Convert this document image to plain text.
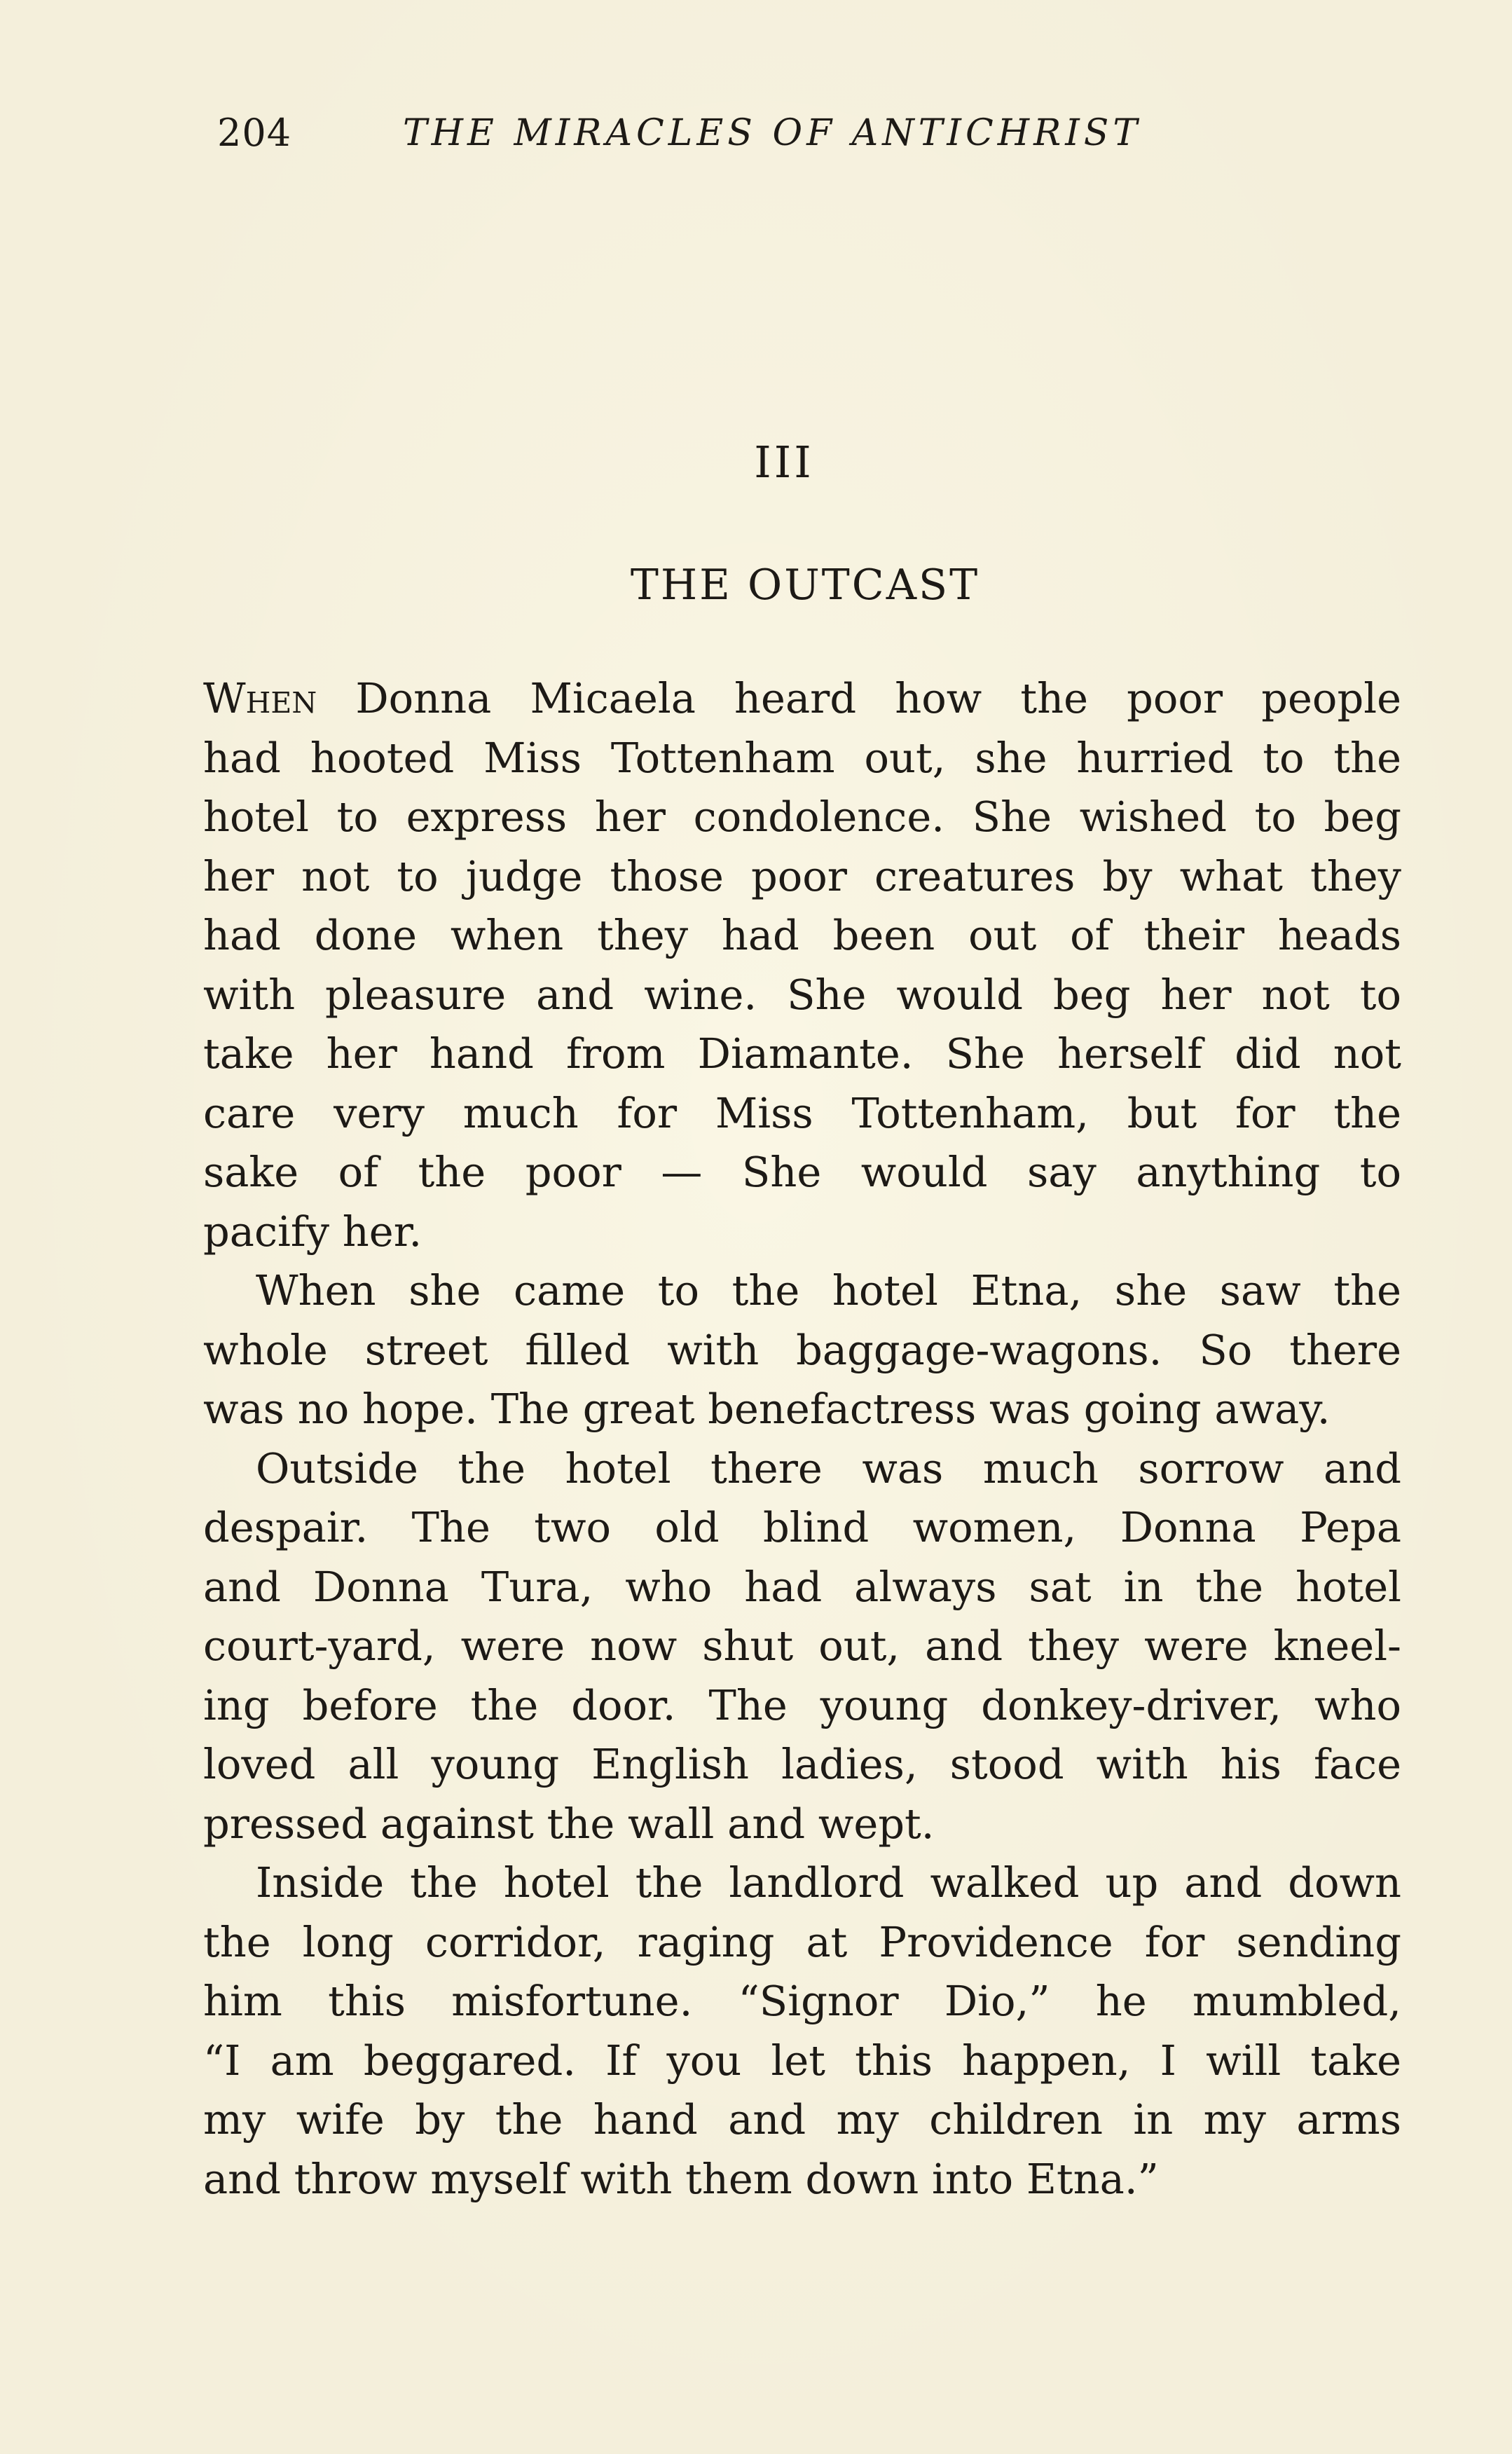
204	THE MIRACLES OF ANTICHRIST
III
THE OUTCAST
When Donna Micaela heard how the poor people
had hooted Miss Tottenham out, she hurried to the
hotel to express her condolence. She wished to beg
her not to judge those poor creatures by what they
had done when they had been out of their heads
with pleasure and wine. She would beg her not to
take her hand from Diamante. She herself did not
care very much for Miss Tottenham, but for the
sake of the poor — She would say anything to
pacify her.
When she came to the hotel Etna, she saw the
whole street filled with baggage-wagons. So there
was no hope. The great benefactress was going away.
Outside the hotel there was much sorrow and
despair. The two old blind women, Donna Pepa
and Donna Tura, who had always sat in the hotel
court-yard, were now shut out, and they were kneel-
ing before the door. The young donkey-driver, who
loved all young English ladies, stood with his face
pressed against the wall and wept.
Inside the hotel the landlord walked up and down
the long corridor, raging at Providence for sending
him this misfortune. “Signor Dio,” he mumbled,
“I am beggared. If you let this happen, I will take
my wife by the hand and my children in my arms
and throw myself with them down into Etna.”
